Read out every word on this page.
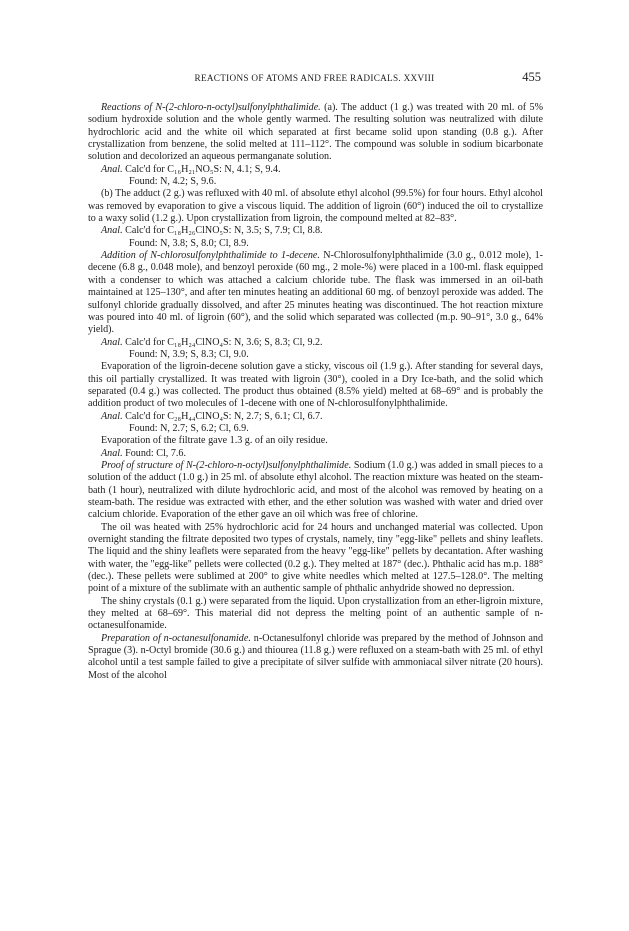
REACTIONS OF ATOMS AND FREE RADICALS. XXVIII	455

Reactions of N-(2-chloro-n-octyl)sulfonylphthalimide. (a). The adduct (1 g.) was treated with 20 ml. of 5% sodium hydroxide solution and the whole gently warmed. The resulting solution was neutralized with dilute hydrochloric acid and the white oil which separated at first became solid upon standing (0.8 g.). After crystallization from benzene, the solid melted at 111–112°. The compound was soluble in sodium bicarbonate solution and decolorized an aqueous permanganate solution.

Anal. Calc'd for C₁₆H₂₁NO₅S: N, 4.1; S, 9.4.

Found: N, 4.2; S, 9.6.

(b) The adduct (2 g.) was refluxed with 40 ml. of absolute ethyl alcohol (99.5%) for four hours. Ethyl alcohol was removed by evaporation to give a viscous liquid. The addition of ligroin (60°) induced the oil to crystallize to a waxy solid (1.2 g.). Upon crystallization from ligroin, the compound melted at 82–83°.

Anal. Calc'd for C₁₈H₂₆ClNO₅S: N, 3.5; S, 7.9; Cl, 8.8.

Found: N, 3.8; S, 8.0; Cl, 8.9.

Addition of N-chlorosulfonylphthalimide to 1-decene. N-Chlorosulfonylphthalimide (3.0 g., 0.012 mole), 1-decene (6.8 g., 0.048 mole), and benzoyl peroxide (60 mg., 2 mole-%) were placed in a 100-ml. flask equipped with a condenser to which was attached a calcium chloride tube. The flask was immersed in an oil-bath maintained at 125–130°, and after ten minutes heating an additional 60 mg. of benzoyl peroxide was added. The sulfonyl chloride gradually dissolved, and after 25 minutes heating was discontinued. The hot reaction mixture was poured into 40 ml. of ligroin (60°), and the solid which separated was collected (m.p. 90–91°, 3.0 g., 64% yield).

Anal. Calc'd for C₁₈H₂₄ClNO₄S: N, 3.6; S, 8.3; Cl, 9.2.

Found: N, 3.9; S, 8.3; Cl, 9.0.

Evaporation of the ligroin-decene solution gave a sticky, viscous oil (1.9 g.). After standing for several days, this oil partially crystallized. It was treated with ligroin (30°), cooled in a Dry Ice-bath, and the solid which separated (0.4 g.) was collected. The product thus obtained (8.5% yield) melted at 68–69° and is probably the addition product of two molecules of 1-decene with one of N-chlorosulfonylphthalimide.

Anal. Calc'd for C₂₈H₄₄ClNO₄S: N, 2.7; S, 6.1; Cl, 6.7.

Found: N, 2.7; S, 6.2; Cl, 6.9.

Evaporation of the filtrate gave 1.3 g. of an oily residue.

Anal. Found: Cl, 7.6.

Proof of structure of N-(2-chloro-n-octyl)sulfonylphthalimide. Sodium (1.0 g.) was added in small pieces to a solution of the adduct (1.0 g.) in 25 ml. of absolute ethyl alcohol. The reaction mixture was heated on the steam-bath (1 hour), neutralized with dilute hydrochloric acid, and most of the alcohol was removed by heating on a steam-bath. The residue was extracted with ether, and the ether solution was washed with water and dried over calcium chloride. Evaporation of the ether gave an oil which was free of chlorine.

The oil was heated with 25% hydrochloric acid for 24 hours and unchanged material was collected. Upon overnight standing the filtrate deposited two types of crystals, namely, tiny "egg-like" pellets and shiny leaflets. The liquid and the shiny leaflets were separated from the heavy "egg-like" pellets by decantation. After washing with water, the "egg-like" pellets were collected (0.2 g.). They melted at 187° (dec.). Phthalic acid has m.p. 188° (dec.). These pellets were sublimed at 200° to give white needles which melted at 127.5–128.0°. The melting point of a mixture of the sublimate with an authentic sample of phthalic anhydride showed no depression.

The shiny crystals (0.1 g.) were separated from the liquid. Upon crystallization from an ether-ligroin mixture, they melted at 68–69°. This material did not depress the melting point of an authentic sample of n-octanesulfonamide.

Preparation of n-octanesulfonamide. n-Octanesulfonyl chloride was prepared by the method of Johnson and Sprague (3). n-Octyl bromide (30.6 g.) and thiourea (11.8 g.) were refluxed on a steam-bath with 25 ml. of ethyl alcohol until a test sample failed to give a precipitate of silver sulfide with ammoniacal silver nitrate (20 hours). Most of the alcohol
